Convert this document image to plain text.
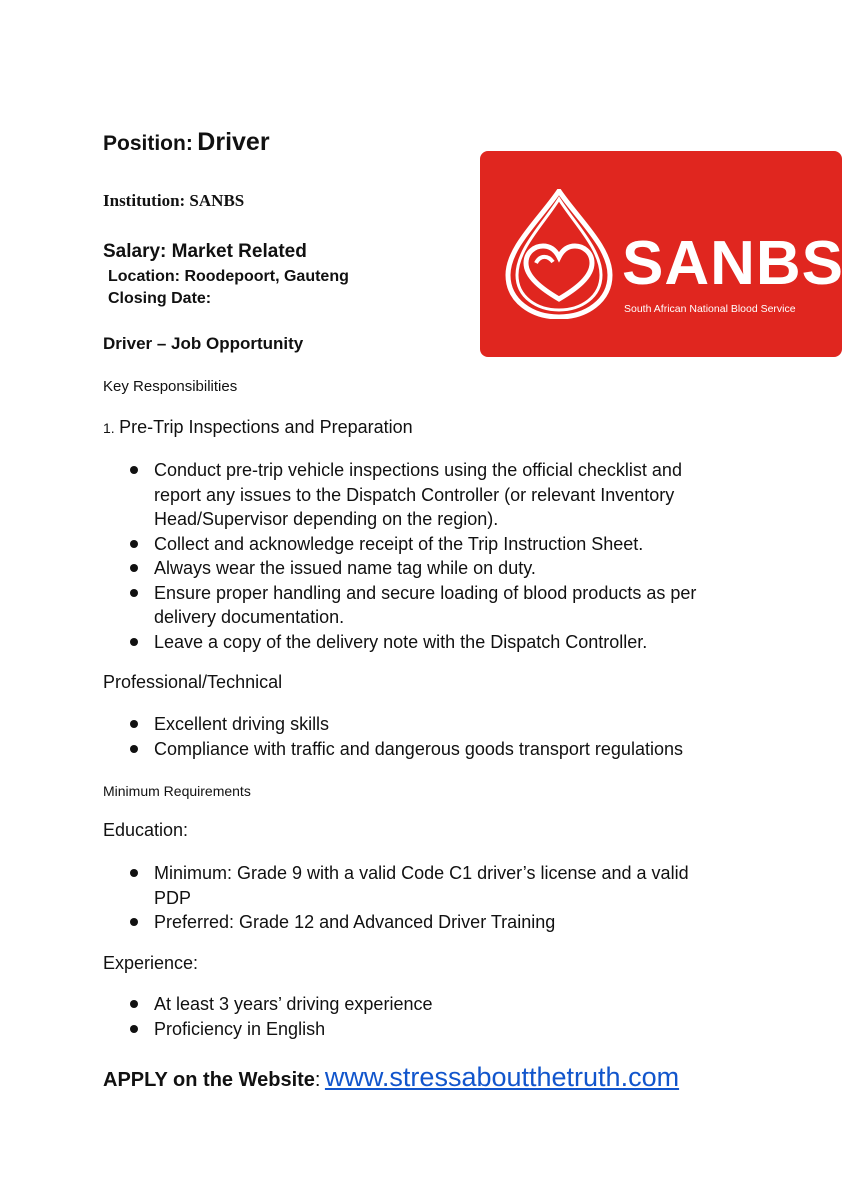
Position: Driver
Institution: SANBS
Salary: Market Related
Location: Roodepoort, Gauteng
Closing Date:
Driver – Job Opportunity
SANBS
South African National Blood Service
Key Responsibilities
1. Pre-Trip Inspections and Preparation
Conduct pre-trip vehicle inspections using the official checklist and report any issues to the Dispatch Controller (or relevant Inventory Head/Supervisor depending on the region).
Collect and acknowledge receipt of the Trip Instruction Sheet.
Always wear the issued name tag while on duty.
Ensure proper handling and secure loading of blood products as per delivery documentation.
Leave a copy of the delivery note with the Dispatch Controller.
Professional/Technical
Excellent driving skills
Compliance with traffic and dangerous goods transport regulations
Minimum Requirements
Education:
Minimum: Grade 9 with a valid Code C1 driver’s license and a valid PDP
Preferred: Grade 12 and Advanced Driver Training
Experience:
At least 3 years’ driving experience
Proficiency in English
APPLY on the Website: www.stressaboutthetruth.com
